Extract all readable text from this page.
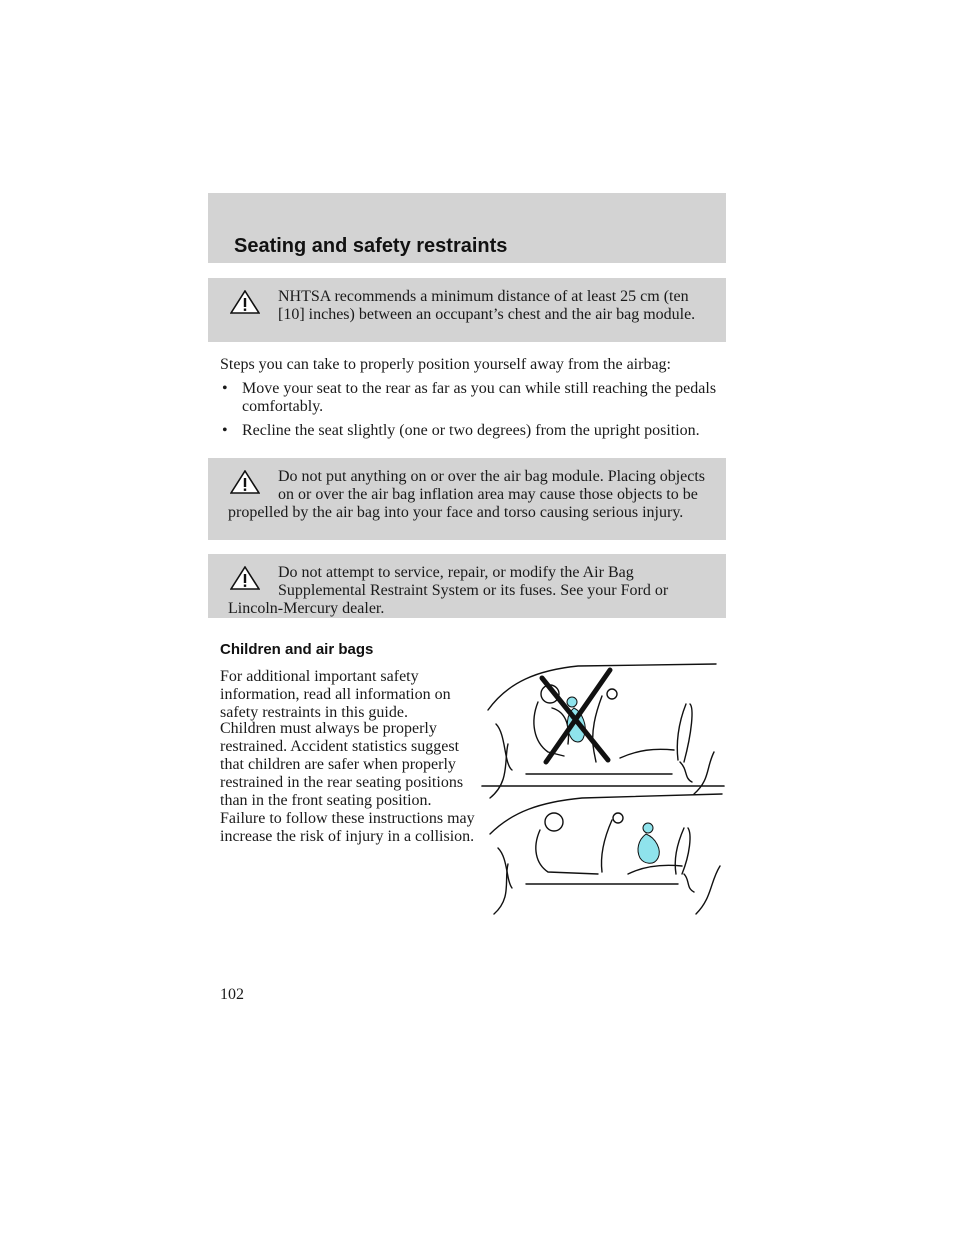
Seating and safety restraints
NHTSA recommends a minimum distance of at least 25 cm (ten [10] inches) between an occupant’s chest and the air bag module.

Steps you can take to properly position yourself away from the airbag:

• Move your seat to the rear as far as you can while still reaching the pedals comfortably.
• Recline the seat slightly (one or two degrees) from the upright position.
Do not put anything on or over the air bag module. Placing objects on or over the air bag inflation area may cause those objects to be propelled by the air bag into your face and torso causing serious injury.
Do not attempt to service, repair, or modify the Air Bag Supplemental Restraint System or its fuses. See your Ford or Lincoln-Mercury dealer.
Children and air bags

For additional important safety information, read all information on safety restraints in this guide.

Children must always be properly restrained. Accident statistics suggest that children are safer when properly restrained in the rear seating positions than in the front seating position. Failure to follow these instructions may increase the risk of injury in a collision.

102
